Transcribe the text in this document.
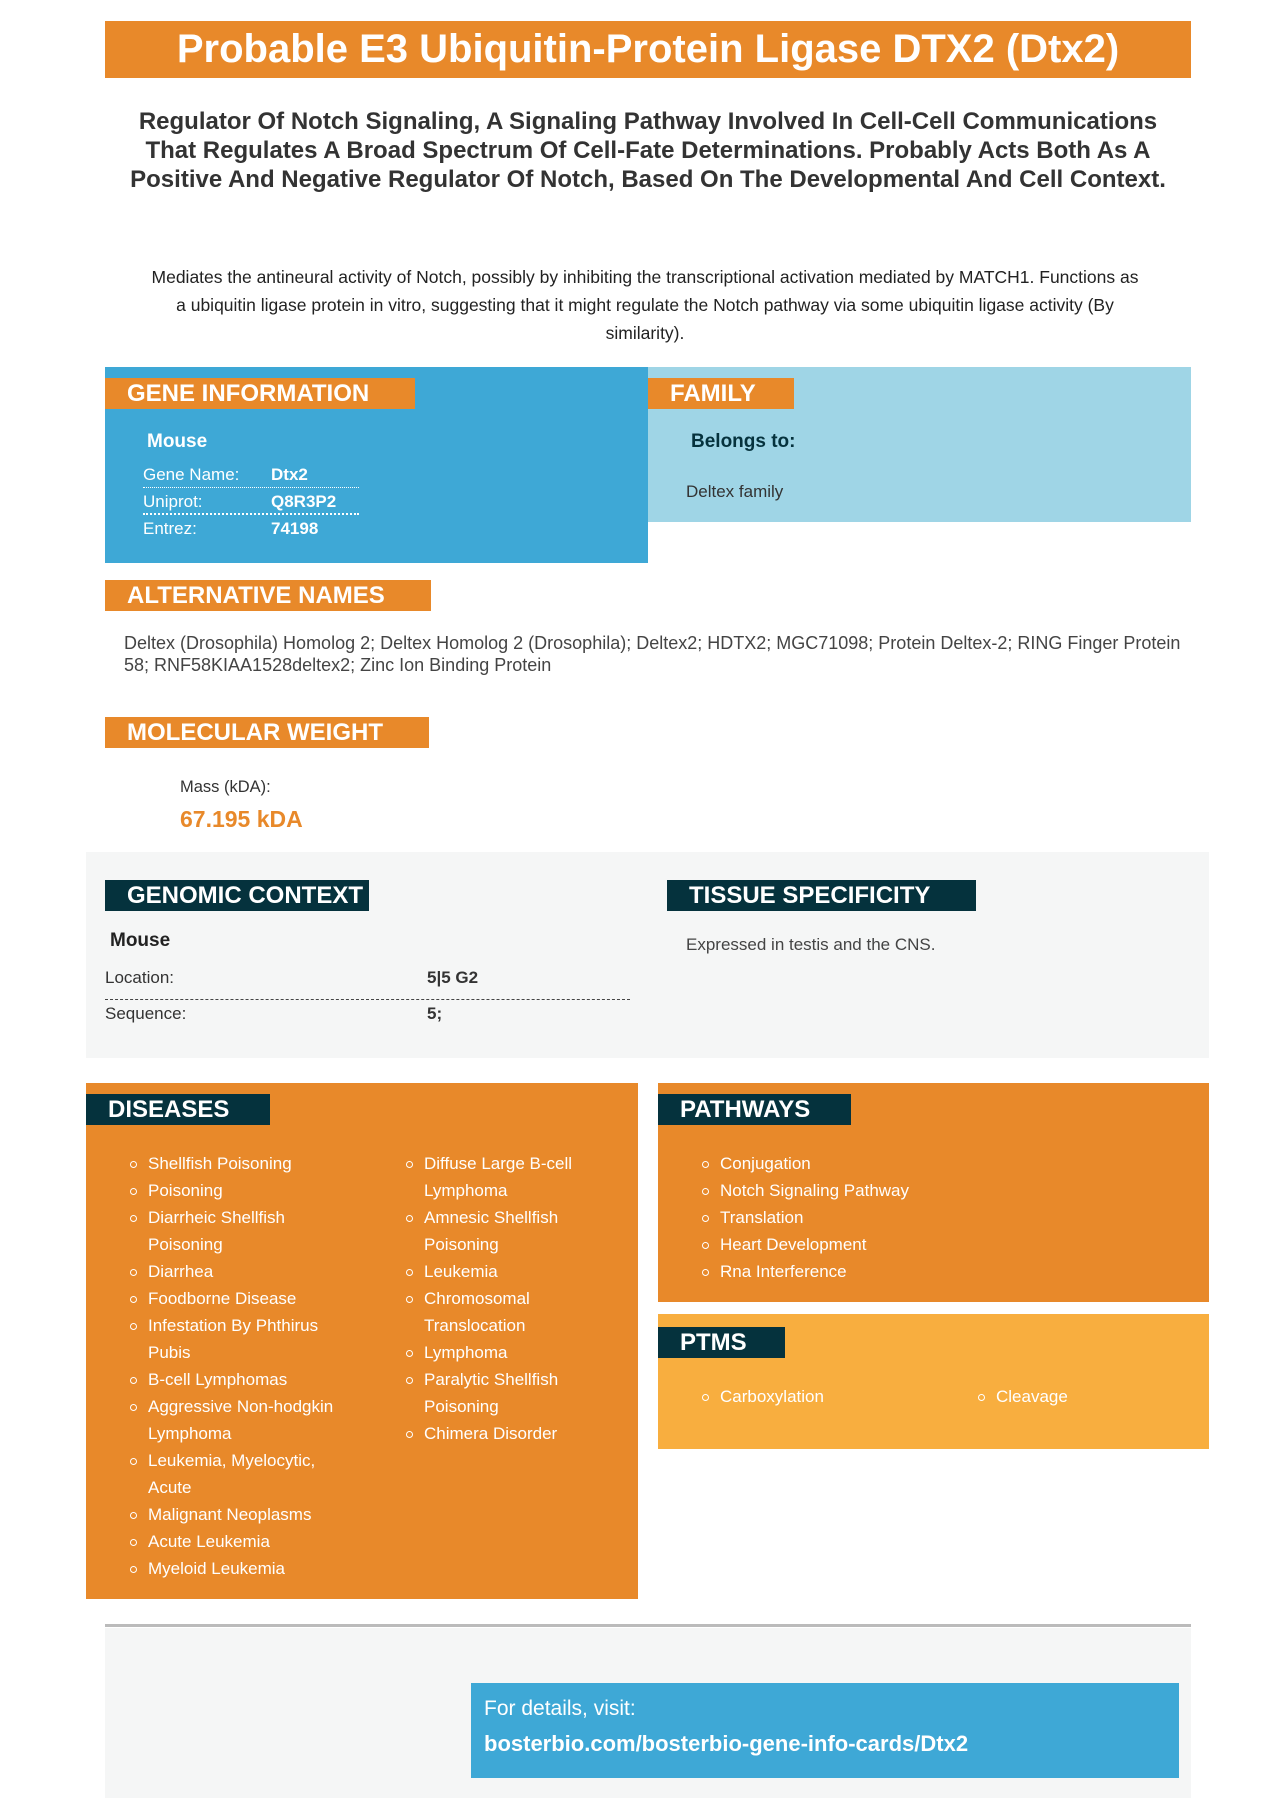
Probable E3 Ubiquitin-Protein Ligase DTX2 (Dtx2)
Regulator Of Notch Signaling, A Signaling Pathway Involved In Cell-Cell Communications That Regulates A Broad Spectrum Of Cell-Fate Determinations. Probably Acts Both As A Positive And Negative Regulator Of Notch, Based On The Developmental And Cell Context.
Mediates the antineural activity of Notch, possibly by inhibiting the transcriptional activation mediated by MATCH1. Functions as a ubiquitin ligase protein in vitro, suggesting that it might regulate the Notch pathway via some ubiquitin ligase activity (By similarity).
GENE INFORMATION
Mouse
Gene Name: Dtx2
Uniprot:	Q8R3P2
Entrez:	74198
FAMILY
Belongs to:
Deltex family
ALTERNATIVE NAMES
Deltex (Drosophila) Homolog 2; Deltex Homolog 2 (Drosophila); Deltex2; HDTX2; MGC71098; Protein Deltex-2; RING Finger Protein 58; RNF58KIAA1528deltex2; Zinc Ion Binding Protein
MOLECULAR WEIGHT
Mass (kDA):
67.195 kDA
GENOMIC CONTEXT
Mouse
Location:	5|5 G2
Sequence:	5;
TISSUE SPECIFICITY
Expressed in testis and the CNS.
DISEASES
Shellfish Poisoning
Poisoning
Diarrheic Shellfish Poisoning
Diarrhea
Foodborne Disease
Infestation By Phthirus Pubis
B-cell Lymphomas
Aggressive Non-hodgkin Lymphoma
Leukemia, Myelocytic, Acute
Malignant Neoplasms
Acute Leukemia
Myeloid Leukemia
Diffuse Large B-cell Lymphoma
Amnesic Shellfish Poisoning
Leukemia
Chromosomal Translocation
Lymphoma
Paralytic Shellfish Poisoning
Chimera Disorder
PATHWAYS
Conjugation
Notch Signaling Pathway
Translation
Heart Development
Rna Interference
PTMS
Carboxylation	Cleavage
For details, visit:
bosterbio.com/bosterbio-gene-info-cards/Dtx2
